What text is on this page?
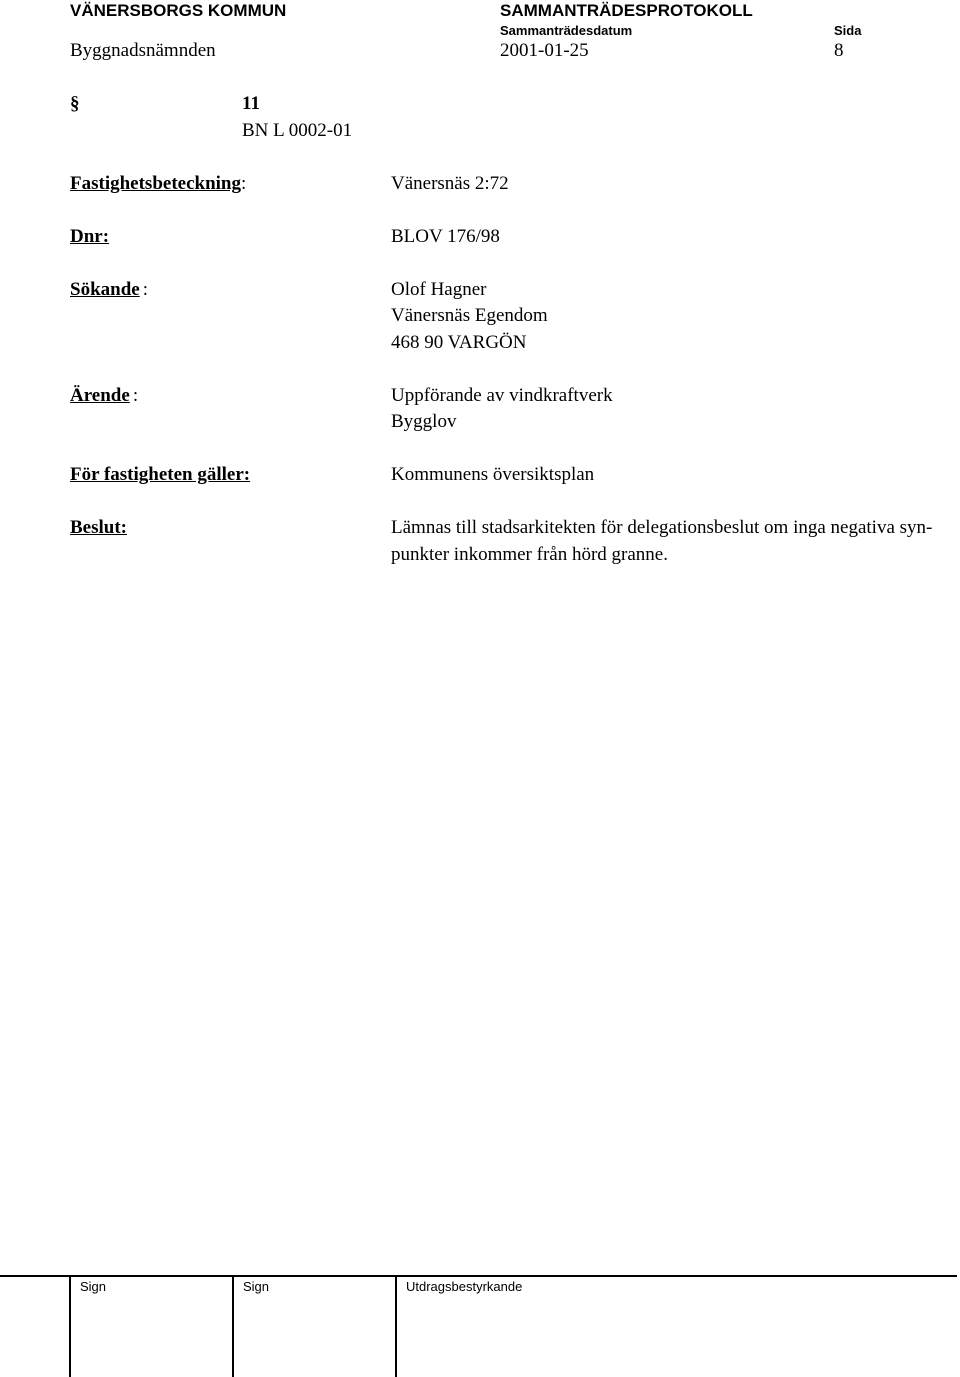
VÄNERSBORGS KOMMUN	SAMMANTRÄDESPROTOKOLL
Sammanträdesdatum	Sida
Byggnadsnämnden	2001-01-25	8
§	11
BN L 0002-01
Fastighetsbeteckning:	Vänersnäs 2:72
Dnr:	BLOV 176/98
Sökande :	Olof Hagner
Vänersnäs Egendom
468 90 VARGÖN
Ärende :	Uppförande av vindkraftverk
Bygglov
För fastigheten gäller:	Kommunens översiktsplan
Beslut:	Lämnas till stadsarkitekten för delegationsbeslut om inga negativa syn-
punkter inkommer från hörd granne.
Sign	Sign	Utdragsbestyrkande
